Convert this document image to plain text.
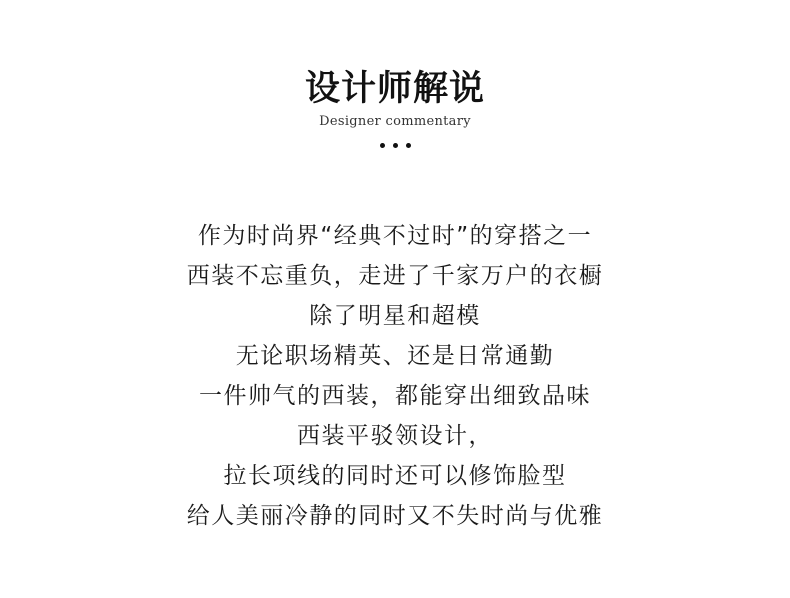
设计师解说
Designer commentary
作为时尚界“经典不过时”的穿搭之一
西装不忘重负，走进了千家万户的衣橱
除了明星和超模
无论职场精英、还是日常通勤
一件帅气的西装，都能穿出细致品味
西装平驳领设计，
拉长项线的同时还可以修饰脸型
给人美丽冷静的同时又不失时尚与优雅
